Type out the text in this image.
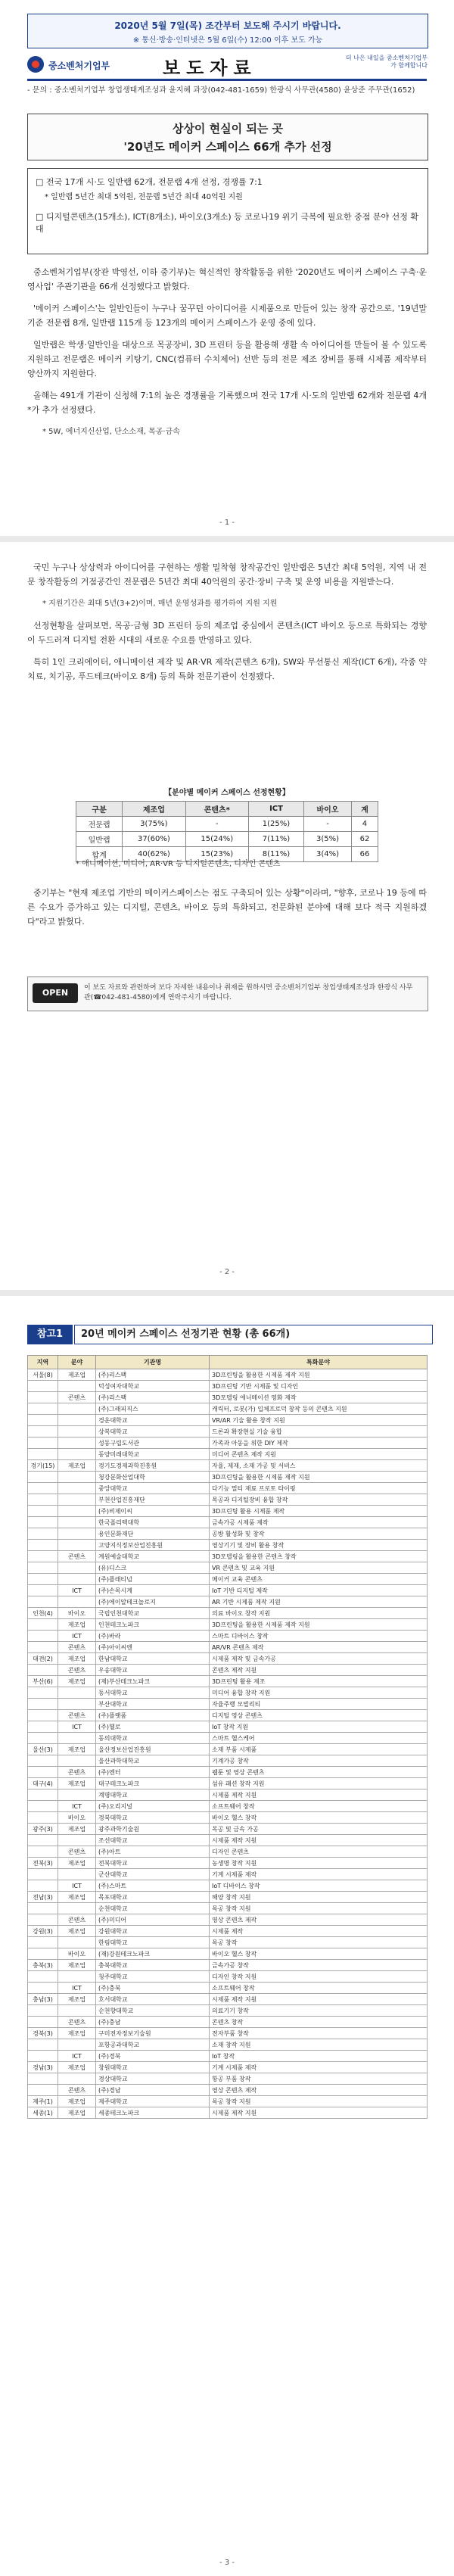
2020년 5월 7일(목) 조간부터 보도해 주시기 바랍니다.
※ 통신‧방송‧인터넷은 5월 6일(수) 12:00 이후 보도 가능
중소벤처기업부	보도자료	더 나은 내일을 중소벤처기업부가 함께합니다
- 문의 : 중소벤처기업부 창업생태계조성과 윤지혜 과장(042-481-1659) 한광식 사무관(4580) 윤상준 주무관(1652)
상상이 현실이 되는 곳
'20년도 메이커 스페이스 66개 추가 선정
□ 전국 17개 시‧도 일반랩 62개, 전문랩 4개 선정, 경쟁률 7:1
* 일반랩 5년간 최대 5억원, 전문랩 5년간 최대 40억원 지원
□ 디지털콘텐츠(15개소), ICT(8개소), 바이오(3개소) 등 코로나19 위기 극복에 필요한 중점 분야 선정 확대

중소벤처기업부(장관 박영선, 이하 중기부)는 혁신적인 창작활동을 위한 '2020년도 메이커 스페이스 구축‧운영사업' 주관기관을 66개 선정했다고 밝혔다.

'메이커 스페이스'는 일반인들이 누구나 꿈꾸던 아이디어를 시제품으로 만들어 있는 창작 공간으로, '19년말 기준 전문랩 8개, 일반랩 115개 등 123개의 메이커 스페이스가 운영 중에 있다.

일반랩은 학생‧일반인을 대상으로 목공장비, 3D 프린터 등을 활용해 생활 속 아이디어를 만들어 볼 수 있도록 지원하고 전문랩은 메이커 키탕기, CNC(컴퓨터 수치제어) 선반 등의 전문 제조 장비를 통해 시제품 제작부터 양산까지 지원한다.

올해는 491개 기관이 신청해 7:1의 높은 경쟁률을 기록했으며 전국 17개 시‧도의 일반랩 62개와 전문랩 4개*가 추가 선정됐다.

* 5W, 에너지신산업, 단소소재, 목공‧금속
- 1 -

국민 누구나 상상력과 아이디어를 구현하는 생활 밀착형 창작공간인 일반랩은 5년간 최대 5억원, 지역 내 전문 창작활동의 거점공간인 전문랩은 5년간 최대 40억원의 공간‧장비 구축 및 운영 비용을 지원받는다.

* 지원기간은 최대 5년(3+2)이며, 매년 운영성과를 평가하여 지원 지원

선정현황을 살펴보면, 목공‧금형 3D 프린터 등의 제조업 중심에서 콘텐츠(ICT 바이오 등으로 특화되는 경향이 두드러져 디지털 전환 시대의 새로운 수요를 반영하고 있다.

특히 1인 크리에이터, 애니메이션 제작 및 AR‧VR 제작(콘텐츠 6개), SW와 무선통신 제작(ICT 6개), 각종 약 치료, 치기공, 푸드테크(바이오 8개) 등의 특화 전문기관이 선정됐다.

【분야별 메이커 스페이스 선정현황】
구분	제조업	콘텐츠*	ICT	바이오	계
전문랩	3(75%)	-	1(25%)	-	4
일반랩	37(60%)	15(24%)	7(11%)	3(5%)	62
합계	40(62%)	15(23%)	8(11%)	3(4%)	66
* 애니메이션, 미디어, AR‧VR 등 디지털콘텐츠, 디자인 콘텐츠

중기부는 "현재 제조업 기반의 메이커스페이스는 점도 구축되어 있는 상황"이라며, "향후, 코로나 19 등에 따른 수요가 증가하고 있는 디지털, 콘텐츠, 바이오 등의 특화되고, 전문화된 분야에 대해 보다 적극 지원하겠다"라고 밝혔다.

OPEN	이 보도 자료와 관련하여 보다 자세한 내용이나 취재를 원하시면 중소벤처기업부 창업생태계조성과 한광식 사무관(☎042-481-4580)에게 연락주시기 바랍니다.
- 2 -
참고1	20년 메이커 스페이스 선정기관 현황 (총 66개)
지역	분야	기관명	특화분야
서울(8)	제조업	(주)리스팩	3D프린팅을 활용한 시제품 제작 지원
		덕성여자대학교	3D프린팅 기반 시제품 및 디자인
	콘텐츠	(주)리스팩	3D모델링 애니메이션 영화 제작
		(주)그래피직스	캐릭터, 로봇(가) 입체프로덕 창작 등의 콘텐츠 지원
		경운대학교	VR/AR 기술 활용 창작 지원
		상복대학교	드론과 확장현실 기술 융합
		성동구립도서관	가족과 아동을 위한 DIY 제작
		동양미래대학교	미디어 콘텐츠 제작 지원
경기(15)	제조업	경기도경제과학진흥원	자율, 제재, 소재 가공 및 서비스
		청강문화산업대학	3D프린팅을 활용한 시제품 제작 지원
		중앙대학교	다기능 멀티 재료 프로토 타이핑
		부천산업진흥재단	목공과 디지털장비 융합 창작
		(주)비제이씨	3D프린팅 활용 시제품 제작
		한국폴리텍대학	금속가공 시제품 제작
		용인문화재단	공방 활성화 및 창작
		고양지식정보산업진흥원	영상기기 및 장비 활용 창작
	콘텐츠	계원예술대학교	3D모델링을 활용한 콘텐츠 창작
		(유)디스크	VR 콘텐츠 및 교육 지원
		(주)플래티넘	메이커 교육 콘텐츠
	ICT	(주)손목시계	IoT 기반 디지털 제작
		(주)에이알테크놀로지	AR 기반 시제품 제작 지원
인천(4)	바이오	국립인천대학교	의료 바이오 창작 지원
	제조업	인천테크노파크	3D프린팅을 활용한 시제품 제작 지원
	ICT	(주)바라	스마트 디바이스 창작
	콘텐츠	(주)아이씨엔	AR/VR 콘텐츠 제작
대전(2)	제조업	한남대학교	시제품 제작 및 금속가공
	콘텐츠	우송대학교	콘텐츠 제작 지원
부산(6)	제조업	(재)부산테크노파크	3D프린팅 활용 제조
		동서대학교	미디어 융합 창작 지원
		부산대학교	자율주행 모빌리티
	콘텐츠	(주)플랫폼	디지털 영상 콘텐츠
	ICT	(주)헬로	IoT 창작 지원
		동의대학교	스마트 헬스케어
울산(3)	제조업	울산정보산업진흥원	소재 부품 시제품
		울산과학대학교	기계가공 창작
	콘텐츠	(주)엔터	웹툰 및 영상 콘텐츠
대구(4)	제조업	대구테크노파크	섬유 패션 창작 지원
		계명대학교	시제품 제작 지원
	ICT	(주)오리지널	소프트웨어 창작
	바이오	경북대학교	바이오 헬스 창작
광주(3)	제조업	광주과학기술원	목공 및 금속 가공
		조선대학교	시제품 제작 지원
	콘텐츠	(주)아트	디자인 콘텐츠
전북(3)	제조업	전북대학교	농생명 창작 지원
		군산대학교	기계 시제품 제작
	ICT	(주)스마트	IoT 디바이스 창작
전남(3)	제조업	목포대학교	해양 창작 지원
		순천대학교	목공 창작 지원
	콘텐츠	(주)미디어	영상 콘텐츠 제작
강원(3)	제조업	강원대학교	시제품 제작
		한림대학교	목공 창작
	바이오	(재)강원테크노파크	바이오 헬스 창작
충북(3)	제조업	충북대학교	금속가공 창작
		청주대학교	디자인 창작 지원
	ICT	(주)충북	소프트웨어 창작
충남(3)	제조업	호서대학교	시제품 제작 지원
		순천향대학교	의료기기 창작
	콘텐츠	(주)충남	콘텐츠 창작
경북(3)	제조업	구미전자정보기술원	전자부품 창작
		포항공과대학교	소재 창작 지원
	ICT	(주)경북	IoT 창작
경남(3)	제조업	창원대학교	기계 시제품 제작
		경상대학교	항공 부품 창작
	콘텐츠	(주)경남	영상 콘텐츠 제작
제주(1)	제조업	제주대학교	목공 창작 지원
세종(1)	제조업	세종테크노파크	시제품 제작 지원
- 3 -
